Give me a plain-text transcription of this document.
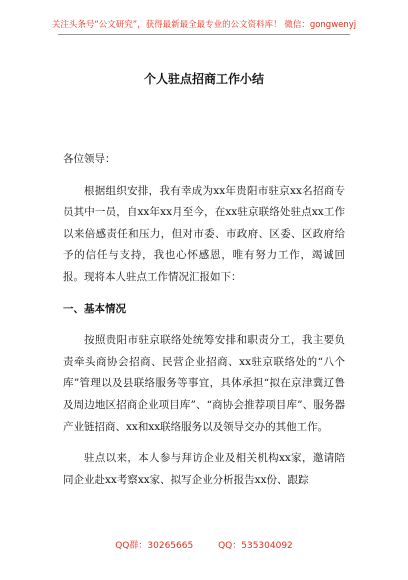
关注头条号“公文研究”，获得最新最全最专业的公文资料库！ 微信：gongwenyj
个人驻点招商工作小结

各位领导：

根据组织安排，我有幸成为xx年贵阳市驻京xx名招商专员其中一员，自xx年xx月至今，在xx驻京联络处驻点xx工作以来倍感责任和压力，但对市委、市政府、区委、区政府给予的信任与支持，我也心怀感恩，唯有努力工作，竭诚回报。现将本人驻点工作情况汇报如下：

一、基本情况

按照贵阳市驻京联络处统筹安排和职责分工，我主要负责牵头商协会招商、民营企业招商、xx驻京联络处的“八个库”管理以及县联络服务等事宜，具体承担“拟在京津冀辽鲁及周边地区招商企业项目库”、“商协会推荐项目库”、服务器产业链招商、xx和xx联络服务以及领导交办的其他工作。

驻点以来，本人参与拜访企业及相关机构xx家，邀请陪同企业赴xx考察xx家、拟写企业分析报告xx份、跟踪

QQ群：30265665	QQ：535304092
